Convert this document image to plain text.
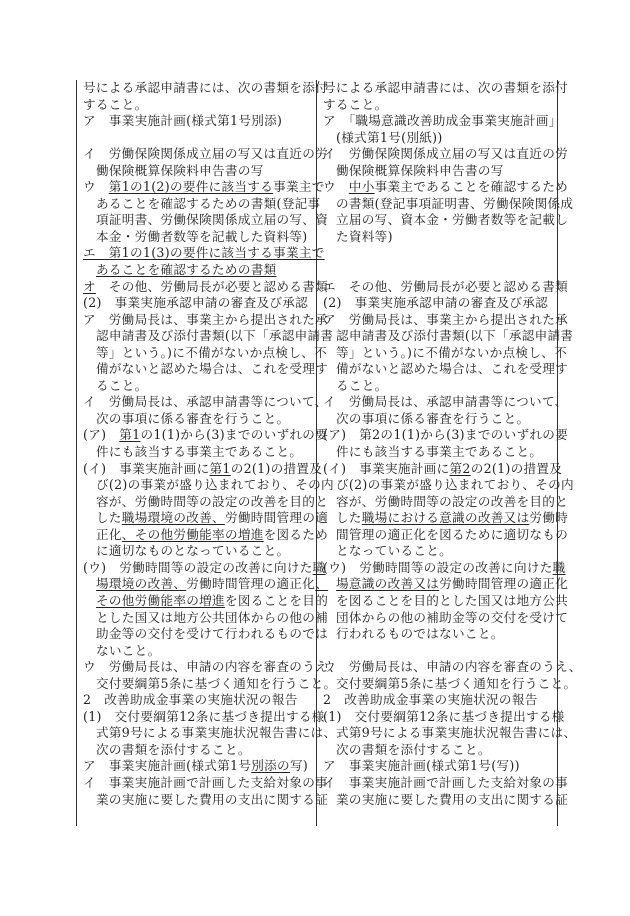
号による承認申請書には、次の書類を添付
すること。
ア　事業実施計画(様式第1号別添)
イ　労働保険関係成立届の写又は直近の労
働保険概算保険料申告書の写
ウ　第1の1(2)の要件に該当する事業主で
あることを確認するための書類(登記事
項証明書、労働保険関係成立届の写、資
本金・労働者数等を記載した資料等)
エ　第1の1(3)の要件に該当する事業主で
あることを確認するための書類
オ　その他、労働局長が必要と認める書類
(2)　事業実施承認申請の審査及び承認
ア　労働局長は、事業主から提出された承
認申請書及び添付書類(以下「承認申請書
等」という。)に不備がないか点検し、不
備がないと認めた場合は、これを受理す
ること。
イ　労働局長は、承認申請書等について、
次の事項に係る審査を行うこと。
(ア)　第1の1(1)から(3)までのいずれの要
件にも該当する事業主であること。
(イ)　事業実施計画に第1の2(1)の措置及
び(2)の事業が盛り込まれており、その内
容が、労働時間等の設定の改善を目的と
した職場環境の改善、労働時間管理の適
正化、その他労働能率の増進を図るため
に適切なものとなっていること。
(ウ)　労働時間等の設定の改善に向けた職
場環境の改善、労働時間管理の適正化、
その他労働能率の増進を図ることを目的
とした国又は地方公共団体からの他の補
助金等の交付を受けて行われるものでは
ないこと。
ウ　労働局長は、申請の内容を審査のうえ、
交付要綱第5条に基づく通知を行うこと。
2　改善助成金事業の実施状況の報告
(1)　交付要綱第12条に基づき提出する様
式第9号による事業実施状況報告書には、
次の書類を添付すること。
ア　事業実施計画(様式第1号別添の写)
イ　事業実施計画で計画した支給対象の事
業の実施に要した費用の支出に関する証
号による承認申請書には、次の書類を添付
すること。
ア　「職場意識改善助成金事業実施計画」
(様式第1号(別紙))
イ　労働保険関係成立届の写又は直近の労
働保険概算保険料申告書の写
ウ　中小事業主であることを確認するため
の書類(登記事項証明書、労働保険関係成
立届の写、資本金・労働者数等を記載し
た資料等)
エ　その他、労働局長が必要と認める書類
(2)　事業実施承認申請の審査及び承認
ア　労働局長は、事業主から提出された承
認申請書及び添付書類(以下「承認申請書
等」という。)に不備がないか点検し、不
備がないと認めた場合は、これを受理す
ること。
イ　労働局長は、承認申請書等について、
次の事項に係る審査を行うこと。
(ア)　第2の1(1)から(3)までのいずれの要
件にも該当する事業主であること。
(イ)　事業実施計画に第2の2(1)の措置及
び(2)の事業が盛り込まれており、その内
容が、労働時間等の設定の改善を目的と
した職場における意識の改善又は労働時
間管理の適正化を図るために適切なもの
となっていること。
(ウ)　労働時間等の設定の改善に向けた職
場意識の改善又は労働時間管理の適正化
を図ることを目的とした国又は地方公共
団体からの他の補助金等の交付を受けて
行われるものではないこと。
ウ　労働局長は、申請の内容を審査のうえ、
交付要綱第5条に基づく通知を行うこと。
2　改善助成金事業の実施状況の報告
(1)　交付要綱第12条に基づき提出する様
式第9号による事業実施状況報告書には、
次の書類を添付すること。
ア　事業実施計画(様式第1号(写))
イ　事業実施計画で計画した支給対象の事
業の実施に要した費用の支出に関する証
